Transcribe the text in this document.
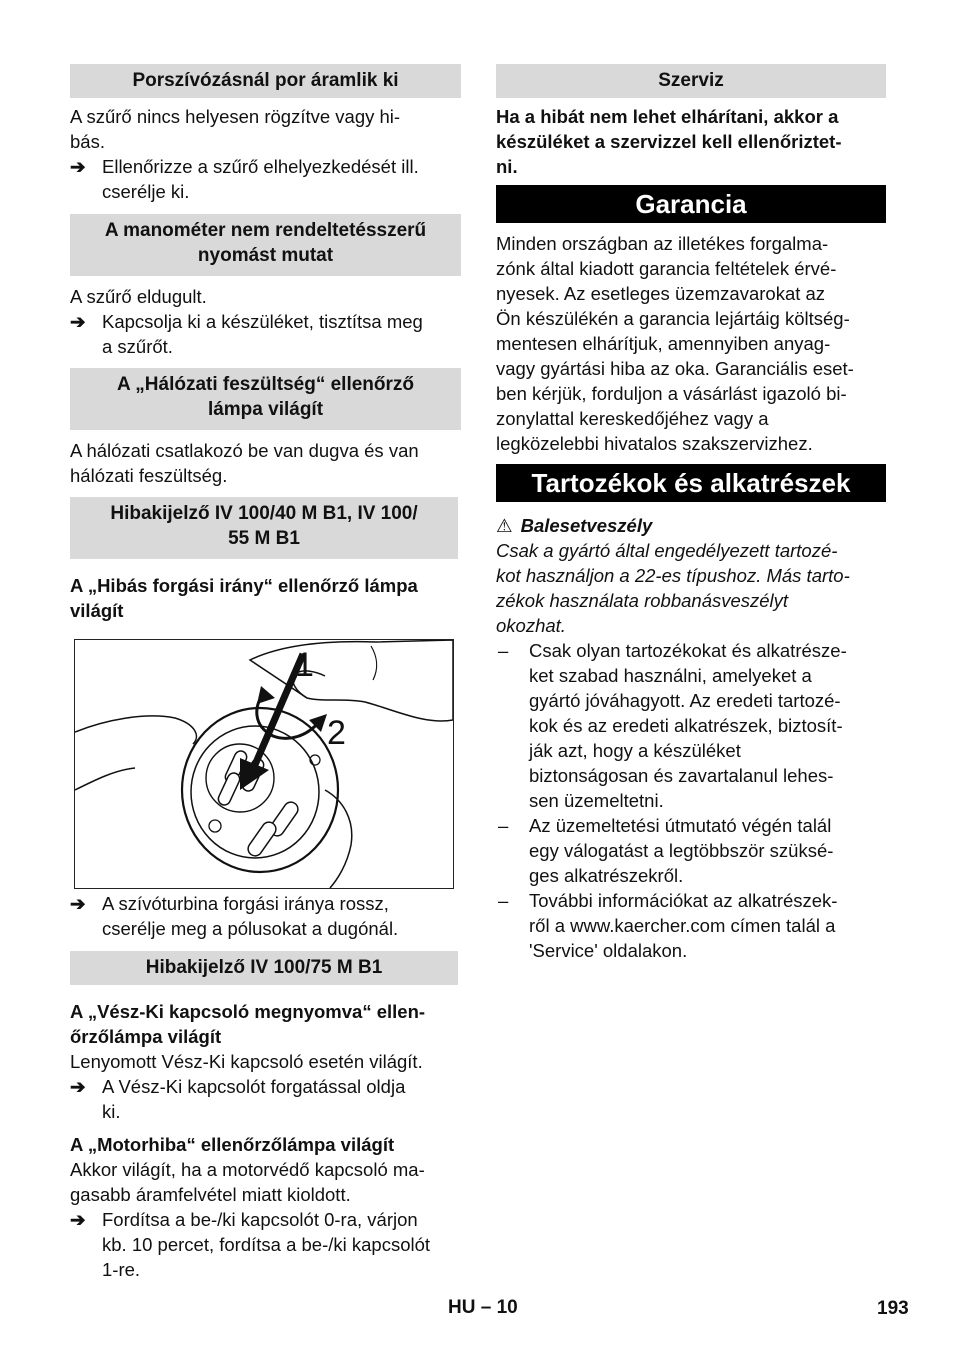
Porszívózásnál por áramlik ki

A szűrő nincs helyesen rögzítve vagy hi-

bás.

➔ Ellenőrizze a szűrő elhelyezkedését ill.
cserélje ki.
A manométer nem rendeltetésszerű
nyomást mutat

A szűrő eldugult.

➔ Kapcsolja ki a készüléket, tisztítsa meg
a szűrőt.
A „Hálózati feszültség“ ellenőrző
lámpa világít

A hálózati csatlakozó be van dugva és van

hálózati feszültség.

Hibakijelző IV 100/40 M B1, IV 100/
55 M B1

A „Hibás forgási irány“ ellenőrző lámpa

világít

1
2
➔ A szívóturbina forgási iránya rossz,
cserélje meg a pólusokat a dugónál.
Hibakijelző IV 100/75 M B1

A „Vész-Ki kapcsoló megnyomva“ ellen-

őrzőlámpa világít

Lenyomott Vész-Ki kapcsoló esetén világít.

➔ A Vész-Ki kapcsolót forgatással oldja
ki.

A „Motorhiba“ ellenőrzőlámpa világít

Akkor világít, ha a motorvédő kapcsoló ma-

gasabb áramfelvétel miatt kioldott.

➔ Fordítsa a be-/ki kapcsolót 0-ra, várjon
kb. 10 percet, fordítsa a be-/ki kapcsolót
1-re.
Szerviz

Ha a hibát nem lehet elhárítani, akkor a

készüléket a szervizzel kell ellenőriztet-

ni.

Garancia

Minden országban az illetékes forgalma-

zónk által kiadott garancia feltételek érvé-

nyesek. Az esetleges üzemzavarokat az

Ön készülékén a garancia lejártáig költség-

mentesen elhárítjuk, amennyiben anyag-

vagy gyártási hiba az oka. Garanciális eset-

ben kérjük, forduljon a vásárlást igazoló bi-

zonylattal kereskedőjéhez vagy a

legközelebbi hivatalos szakszervizhez.

Tartozékok és alkatrészek
⚠ Balesetveszély

Csak a gyártó által engedélyezett tartozé-

kot használjon a 22-es típushoz. Más tarto-

zékok használata robbanásveszélyt

okozhat.

– Csak olyan tartozékokat és alkatrésze-
ket szabad használni, amelyeket a
gyártó jóváhagyott. Az eredeti tartozé-
kok és az eredeti alkatrészek, biztosít-
ják azt, hogy a készüléket
biztonságosan és zavartalanul lehes-
sen üzemeltetni.
– Az üzemeltetési útmutató végén talál
egy válogatást a legtöbbször szüksé-
ges alkatrészekről.
– További információkat az alkatrészek-
ről a www.kaercher.com címen talál a
'Service' oldalakon.
HU – 10	193
